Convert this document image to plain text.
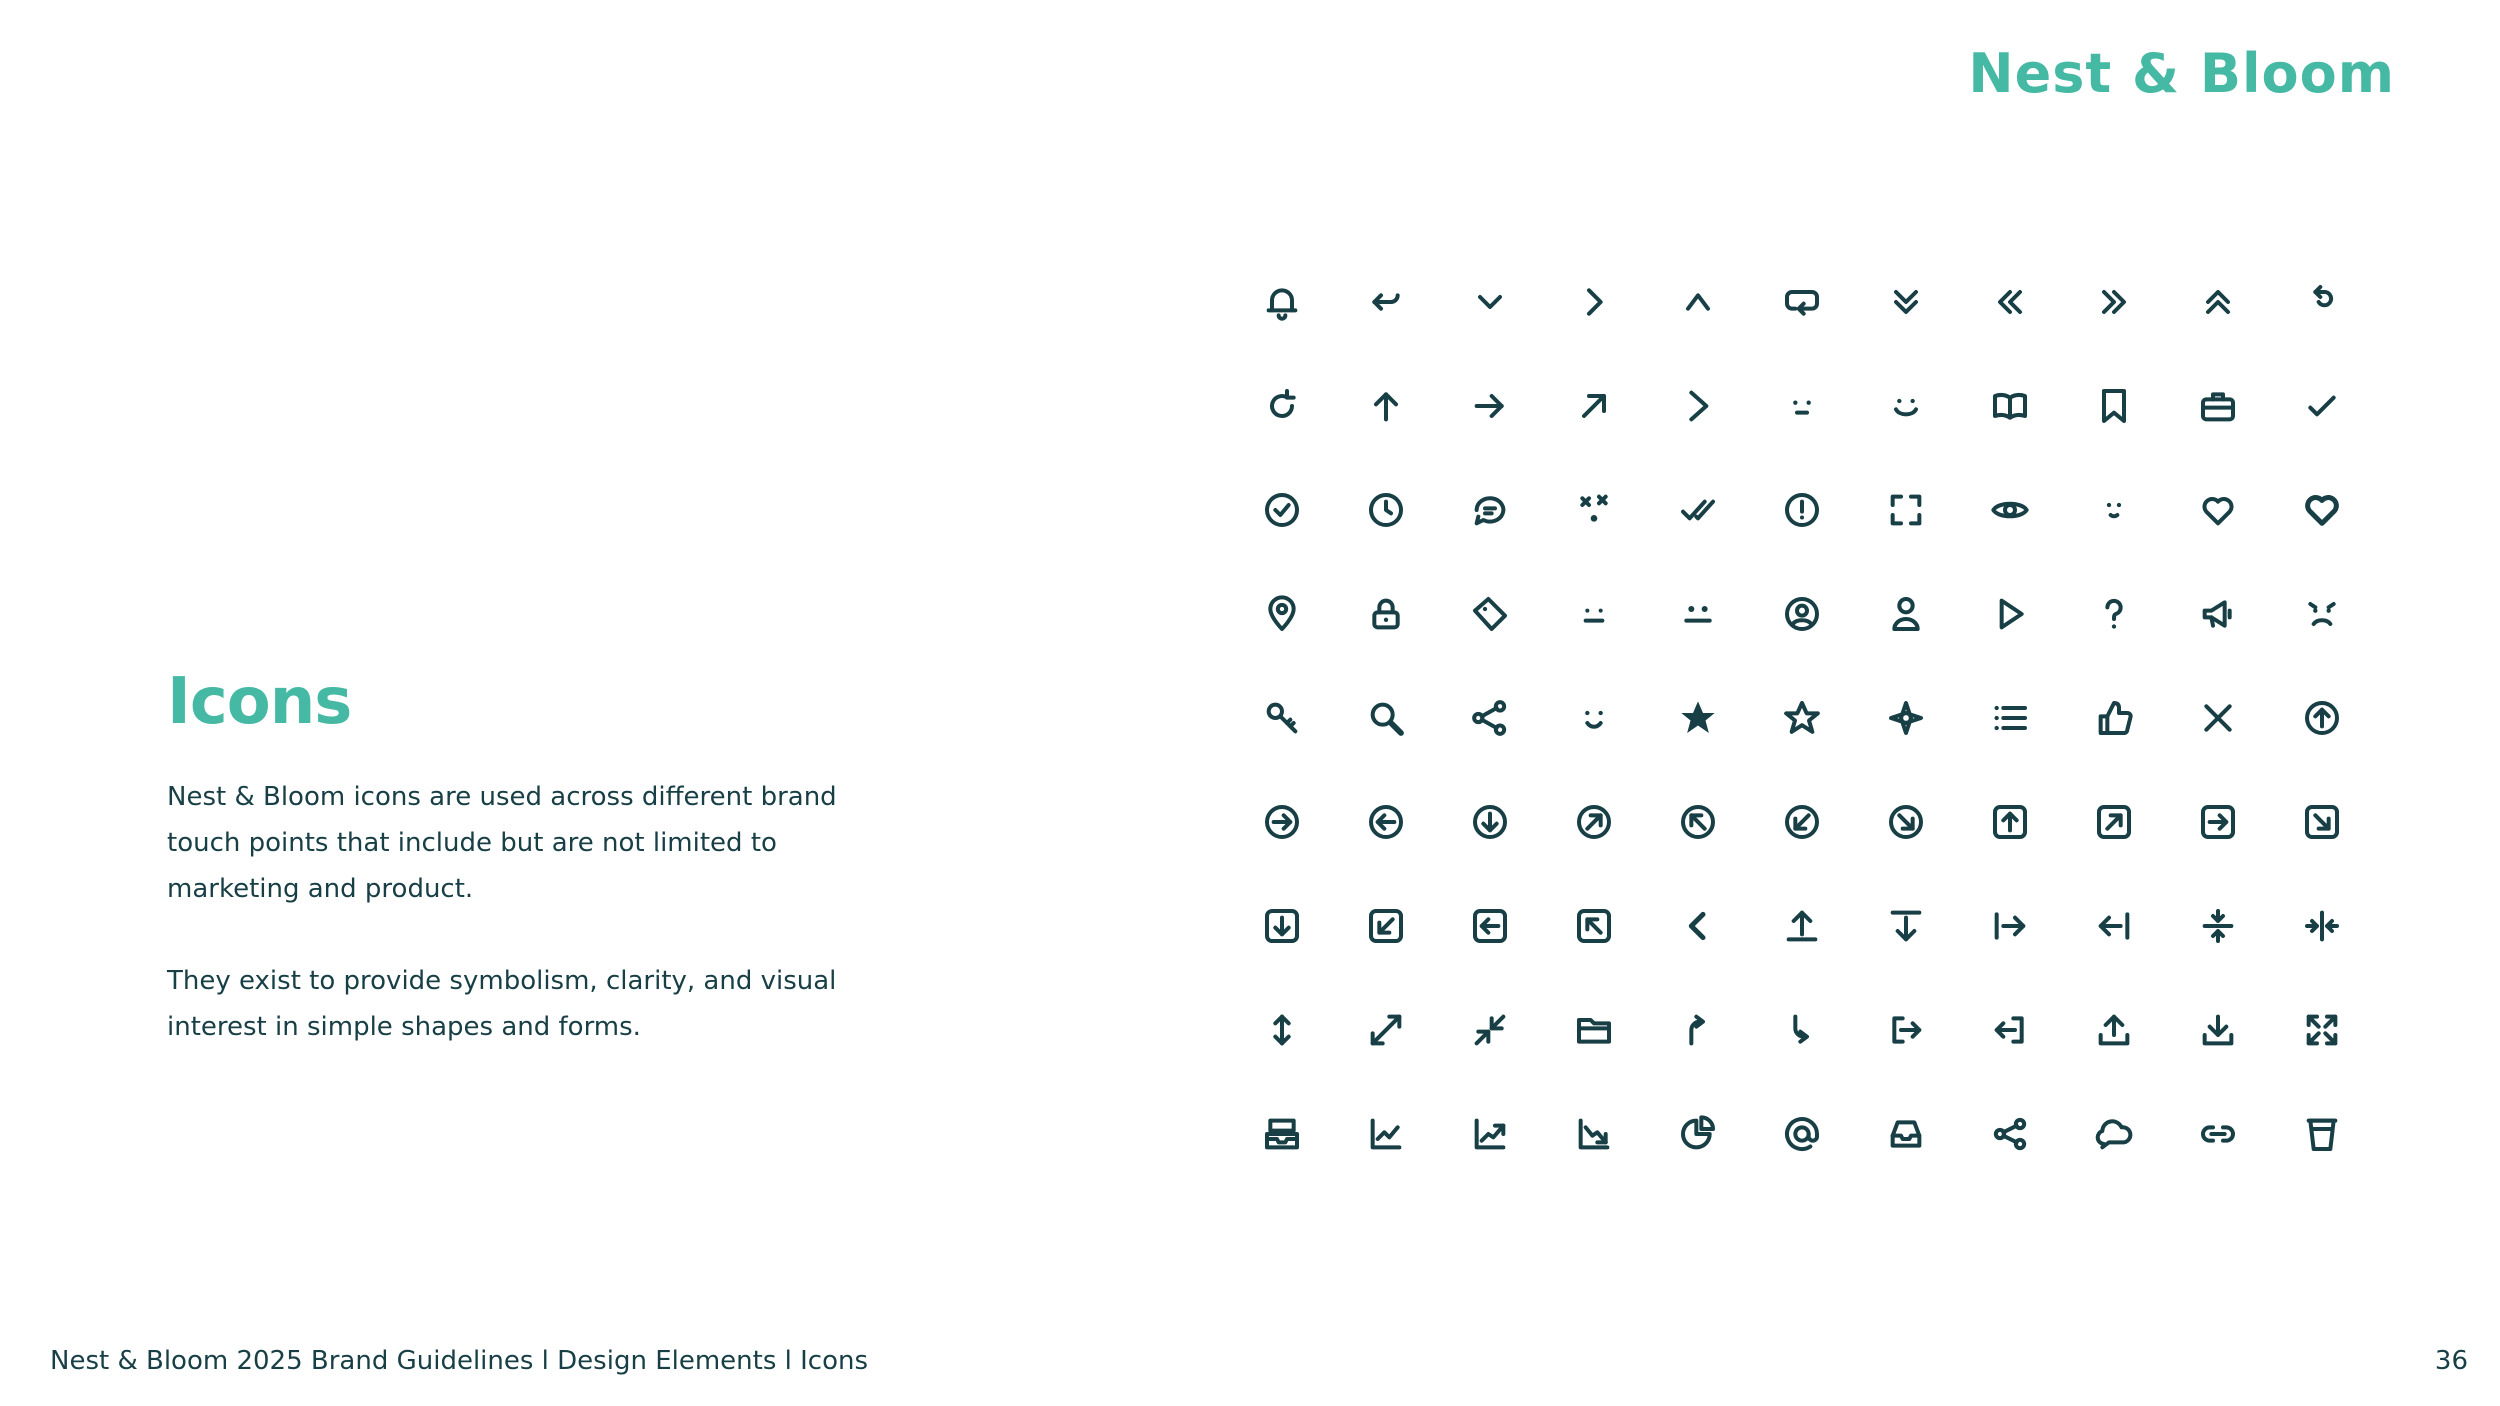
Nest & Bloom
Icons

Nest & Bloom icons are used across different brand touch points that include but are not limited to marketing and product.

They exist to provide symbolism, clarity, and visual interest in simple shapes and forms.

Nest & Bloom 2025 Brand Guidelines l Design Elements l Icons	36
